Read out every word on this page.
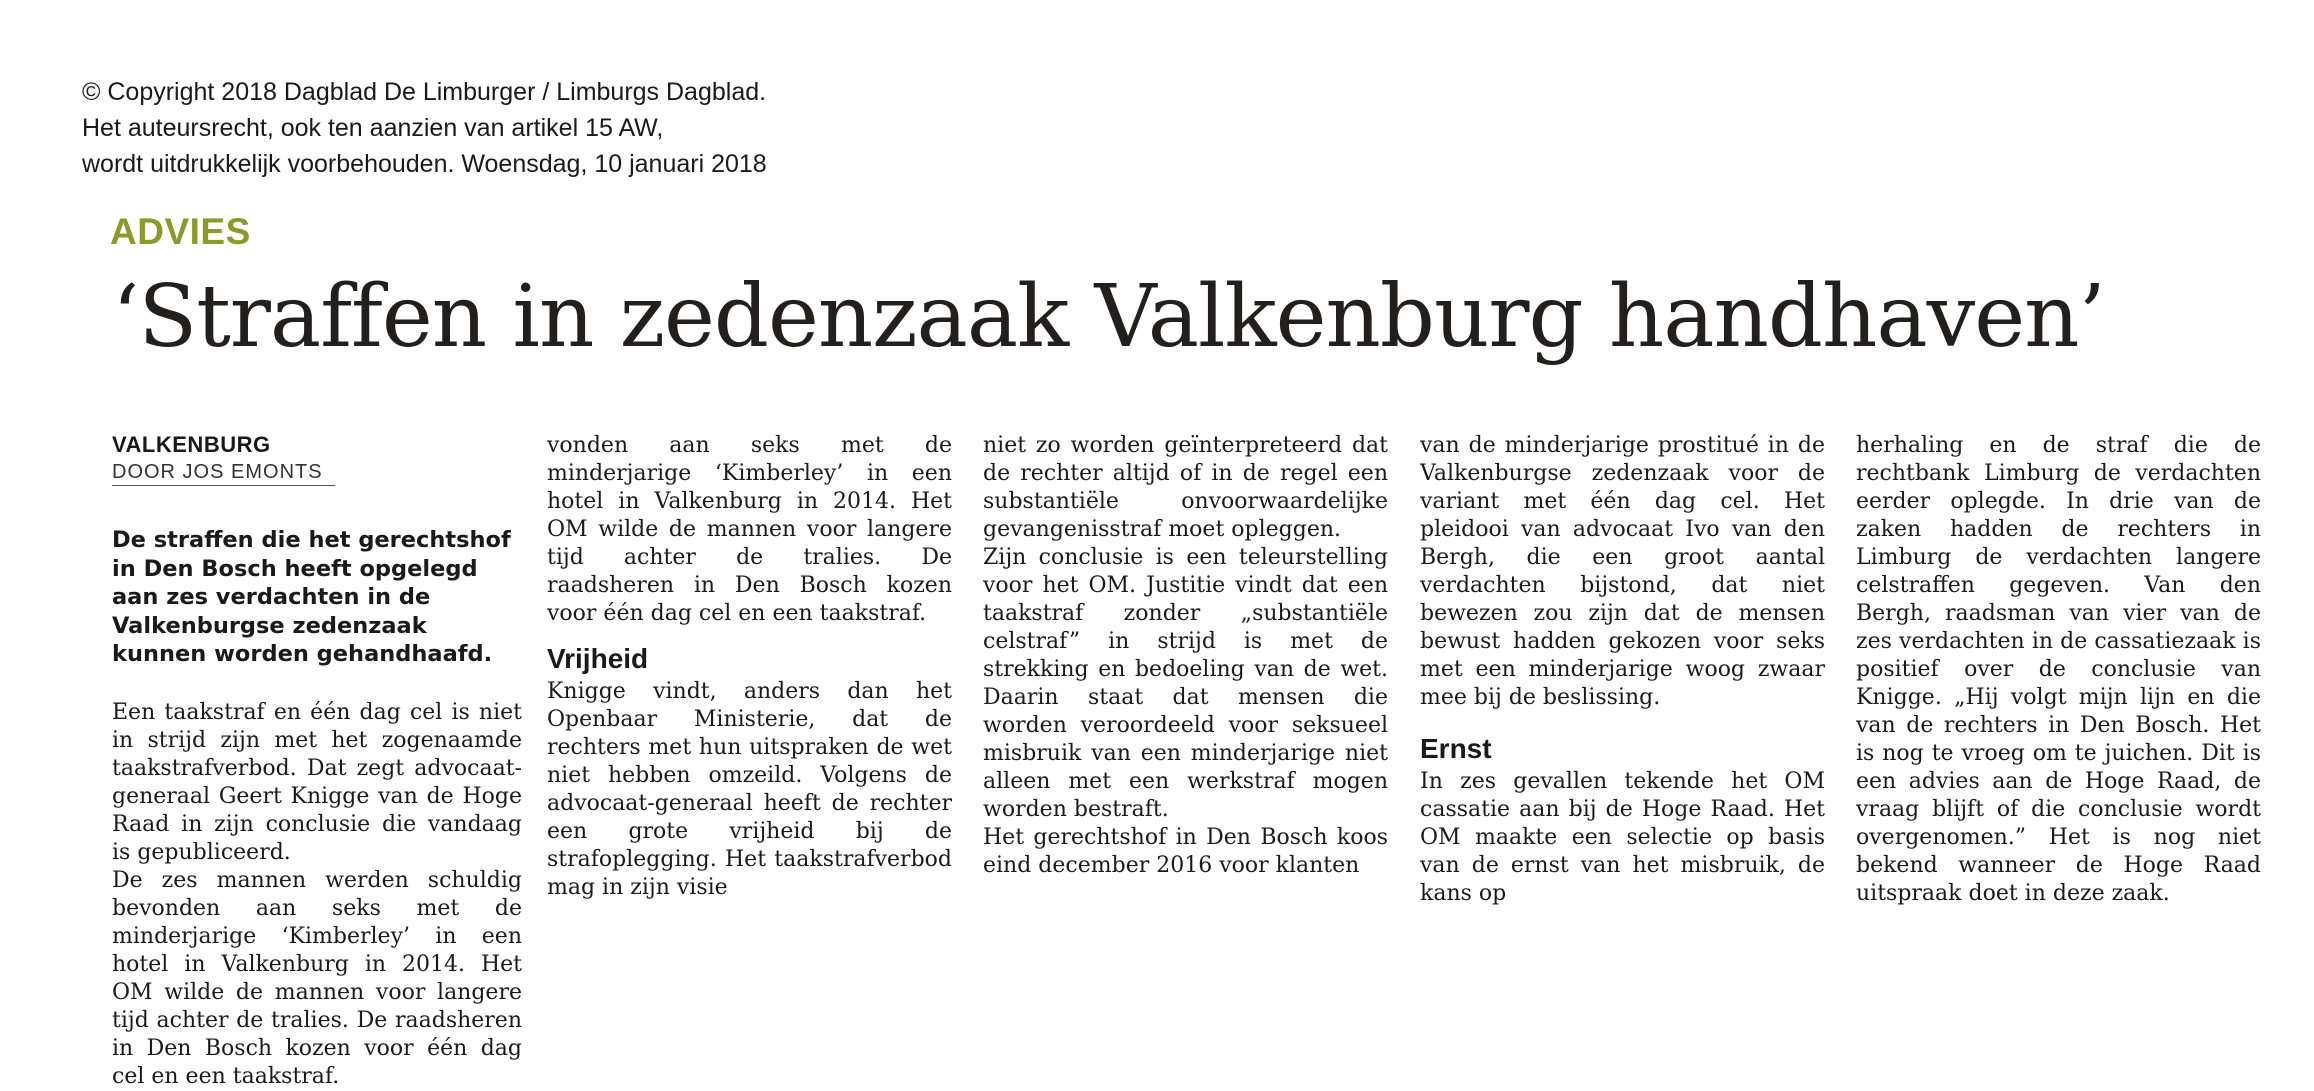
© Copyright 2018 Dagblad De Limburger / Limburgs Dagblad.
Het auteursrecht, ook ten aanzien van artikel 15 AW,
wordt uitdrukkelijk voorbehouden. Woensdag, 10 januari 2018
ADVIES
‘Straffen in zedenzaak Valkenburg handhaven’

VALKENBURG

DOOR JOS EMONTS

De straffen die het gerechtshof in Den Bosch heeft opgelegd aan zes verdachten in de Valkenburgse zedenzaak kunnen worden gehandhaafd.

Een taakstraf en één dag cel is niet in strijd zijn met het zogenaamde taakstrafverbod. Dat zegt advocaat-generaal Geert Knigge van de Hoge Raad in zijn conclusie die vandaag is gepubliceerd.

De zes mannen werden schuldig bevonden aan seks met de minderjarige ‘Kimberley’ in een hotel in Valkenburg in 2014. Het OM wilde de mannen voor langere tijd achter de tralies. De raadsheren in Den Bosch kozen voor één dag cel en een taakstraf.

vonden aan seks met de minderjarige ‘Kimberley’ in een hotel in Valkenburg in 2014. Het OM wilde de mannen voor langere tijd achter de tralies. De raadsheren in Den Bosch kozen voor één dag cel en een taakstraf.

Vrijheid

Knigge vindt, anders dan het Openbaar Ministerie, dat de rechters met hun uitspraken de wet niet hebben omzeild. Volgens de advocaat-generaal heeft de rechter een grote vrijheid bij de strafoplegging. Het taakstrafverbod mag in zijn visie

niet zo worden geïnterpreteerd dat de rechter altijd of in de regel een substantiële onvoorwaardelijke gevangenisstraf moet opleggen.

Zijn conclusie is een teleurstelling voor het OM. Justitie vindt dat een taakstraf zonder „substantiële celstraf” in strijd is met de strekking en bedoeling van de wet. Daarin staat dat mensen die worden veroordeeld voor seksueel misbruik van een minderjarige niet alleen met een werkstraf mogen worden bestraft.

Het gerechtshof in Den Bosch koos eind december 2016 voor klanten

van de minderjarige prostitué in de Valkenburgse zedenzaak voor de variant met één dag cel. Het pleidooi van advocaat Ivo van den Bergh, die een groot aantal verdachten bijstond, dat niet bewezen zou zijn dat de mensen bewust hadden gekozen voor seks met een minderjarige woog zwaar mee bij de beslissing.

Ernst

In zes gevallen tekende het OM cassatie aan bij de Hoge Raad. Het OM maakte een selectie op basis van de ernst van het misbruik, de kans op

herhaling en de straf die de rechtbank Limburg de verdachten eerder oplegde. In drie van de zaken hadden de rechters in Limburg de verdachten langere celstraffen gegeven. Van den Bergh, raadsman van vier van de zes verdachten in de cassatiezaak is positief over de conclusie van Knigge. „Hij volgt mijn lijn en die van de rechters in Den Bosch. Het is nog te vroeg om te juichen. Dit is een advies aan de Hoge Raad, de vraag blijft of die conclusie wordt overgenomen.” Het is nog niet bekend wanneer de Hoge Raad uitspraak doet in deze zaak.
